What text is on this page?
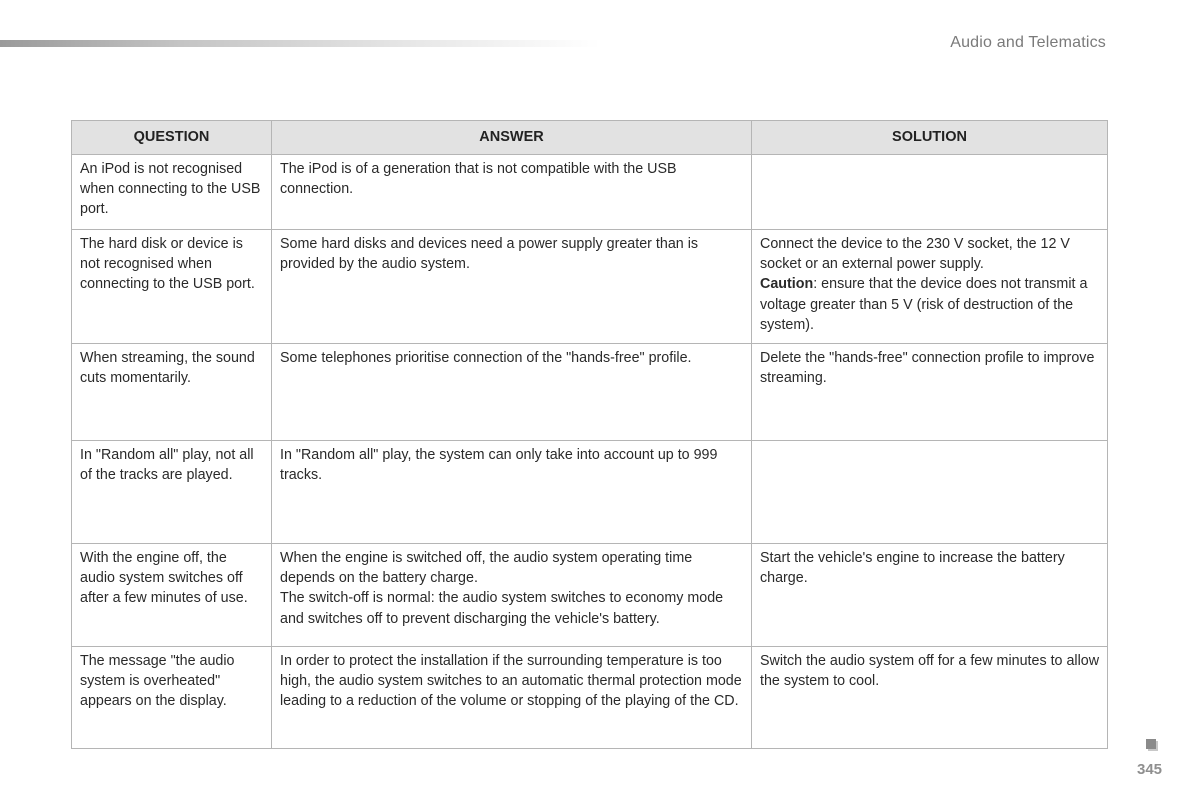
Audio and Telematics
QUESTION	ANSWER	SOLUTION
An iPod is not recognised when connecting to the USB port.	The iPod is of a generation that is not compatible with the USB connection.	

The hard disk or device is not recognised when connecting to the USB port.	Some hard disks and devices need a power supply greater than is provided by the audio system.	Connect the device to the 230 V socket, the 12 V socket or an external power supply.

Caution: ensure that the device does not transmit a voltage greater than 5 V (risk of destruction of the system).

When streaming, the sound cuts momentarily.	Some telephones prioritise connection of the "hands-free" profile.	Delete the "hands-free" connection profile to improve streaming.

In "Random all" play, not all of the tracks are played.	In "Random all" play, the system can only take into account up to 999 tracks.	

With the engine off, the audio system switches off after a few minutes of use.	When the engine is switched off, the audio system operating time depends on the battery charge.

The switch-off is normal: the audio system switches to economy mode and switches off to prevent discharging the vehicle's battery.	Start the vehicle's engine to increase the battery charge.

The message "the audio system is overheated" appears on the display.	In order to protect the installation if the surrounding temperature is too high, the audio system switches to an automatic thermal protection mode leading to a reduction of the volume or stopping of the playing of the CD.	Switch the audio system off for a few minutes to allow the system to cool.

345
